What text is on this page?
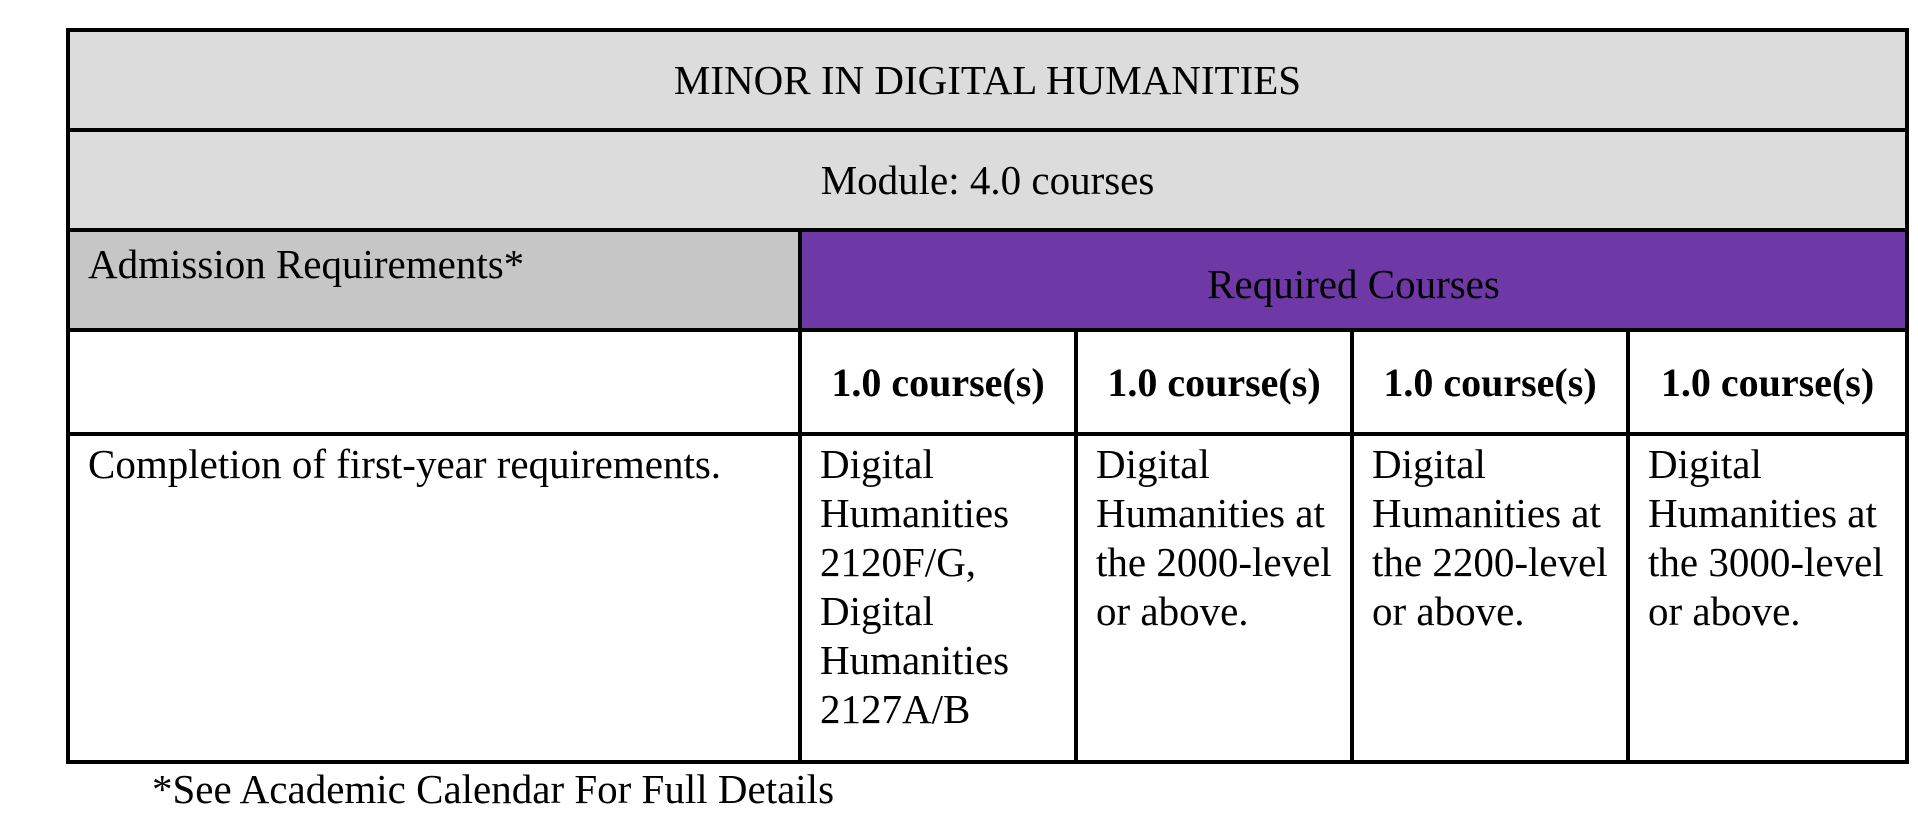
MINOR IN DIGITAL HUMANITIES				
Module: 4.0 courses				
Admission Requirements*	Required Courses			
	1.0 course(s)	1.0 course(s)	1.0 course(s)	1.0 course(s)
Completion of first-year requirements.	Digital Humanities 2120F/G, Digital Humanities 2127A/B	Digital Humanities at the 2000-level or above.	Digital Humanities at the 2200-level or above.	Digital Humanities at the 3000-level or above.
*See Academic Calendar For Full Details
